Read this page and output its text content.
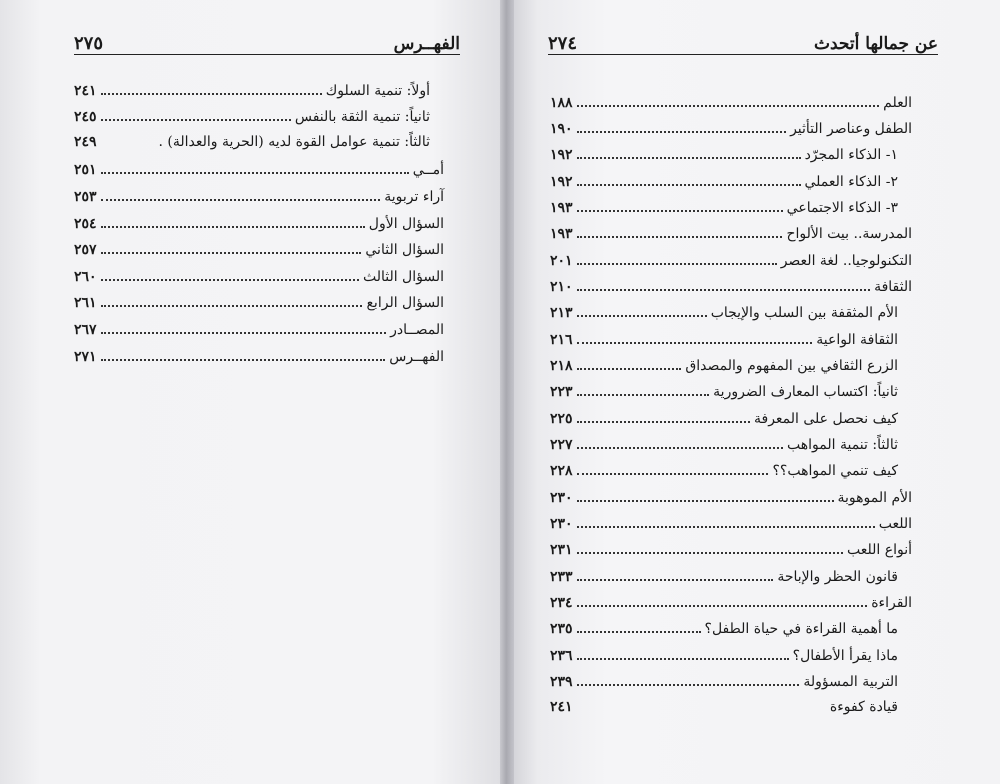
٢٧٥	الفهــرس
أولاً: تنمية السلوك
٢٤١
ثانياً: تنمية الثقة بالنفس
٢٤٥
ثالثاً: تنمية عوامل القوة لديه (الحرية والعدالة) .
٢٤٩
أمــي
٢٥١
آراء تربوية
٢٥٣
السؤال الأول
٢٥٤
السؤال الثاني
٢٥٧
السؤال الثالث
٢٦٠
السؤال الرابع
٢٦١
المصــادر
٢٦٧
الفهــرس
٢٧١
٢٧٤	عن جمالها أتحدث
العلم
١٨٨
الطفل وعناصر التأثير
١٩٠
١- الذكاء المجرّد
١٩٢
٢- الذكاء العملي
١٩٢
٣- الذكاء الاجتماعي
١٩٣
المدرسة.. بيت الألواح
١٩٣
التكنولوجيا.. لغة العصر
٢٠١
الثقافة
٢١٠
الأم المثقفة بين السلب والإيجاب
٢١٣
الثقافة الواعية
٢١٦
الزرع الثقافي بين المفهوم والمصداق
٢١٨
ثانياً: اكتساب المعارف الضرورية
٢٢٣
كيف نحصل على المعرفة
٢٢٥
ثالثاً: تنمية المواهب
٢٢٧
كيف تنمي المواهب؟؟
٢٢٨
الأم الموهوبة
٢٣٠
اللعب
٢٣٠
أنواع اللعب
٢٣١
قانون الحظر والإباحة
٢٣٣
القراءة
٢٣٤
ما أهمية القراءة في حياة الطفل؟
٢٣٥
ماذا يقرأ الأطفال؟
٢٣٦
التربية المسؤولة
٢٣٩
قيادة كفوءة
٢٤١
